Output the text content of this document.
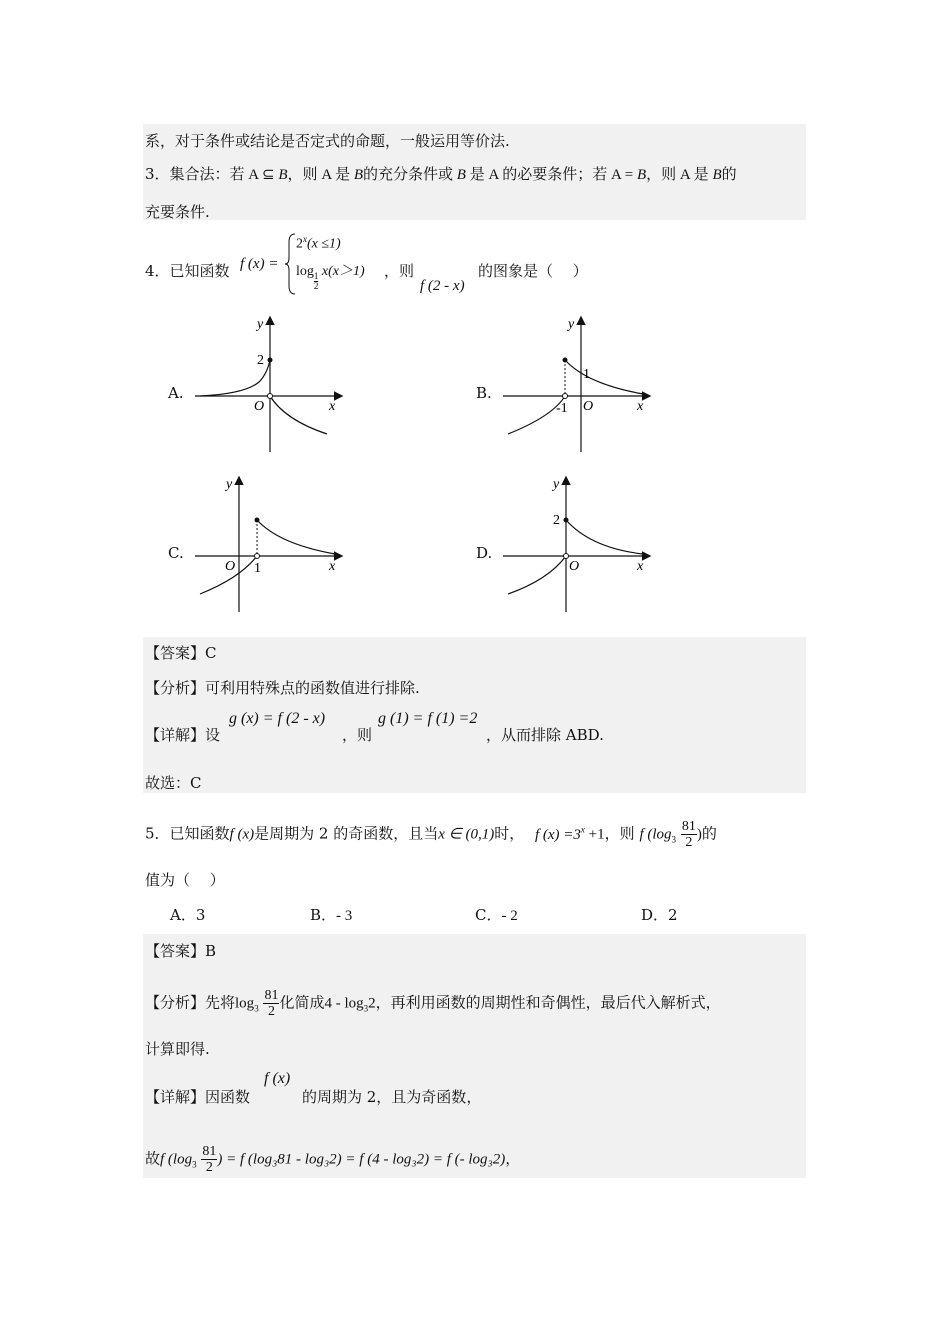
系，对于条件或结论是否定式的命题，一般运用等价法.
3．集合法：若 A ⊆ B，则 A 是 B的充分条件或 B 是 A 的必要条件；若 A = B，则 A 是 B的
充要条件.
4．已知函数 f (x) =
$2^x(x \le 1)$
log
$\frac{1}{2}$
x(x＞1) ，则
f (2 - x)
的图象是（　 ）
A.
y
x
O
2
B.
y
x
O
1
-1
C.
y
x
O 1
D.
y
x
O
2
【答案】C
【分析】可利用特殊点的函数值进行排除.
【详解】设
g (x) = f (2 - x)
，则
g (1) = f (1) =2
，从而排除 ABD.
故选：C
5．已知函数f (x)是周期为 2 的奇函数，且当x ∈ (0,1)时， f $(x) =3^x +1$，则 f ($\log_3 \frac{81}{2}$ )的
值为（　 ）
A．3	B．- 3	C．- 2	D．2
【答案】B
【分析】先将$\log_3 \frac{81}{2}$ 化简成$4 - \log_32$，再利用函数的周期性和奇偶性，最后代入解析式，
计算即得.
【详解】因函数
f (x)
的周期为 2，且为奇函数，
故f ($\log_3 \frac{81}{2}$ ) = f (log₃81 - log₃2) = f (4 - log₃2) = f (- log₃2)，
